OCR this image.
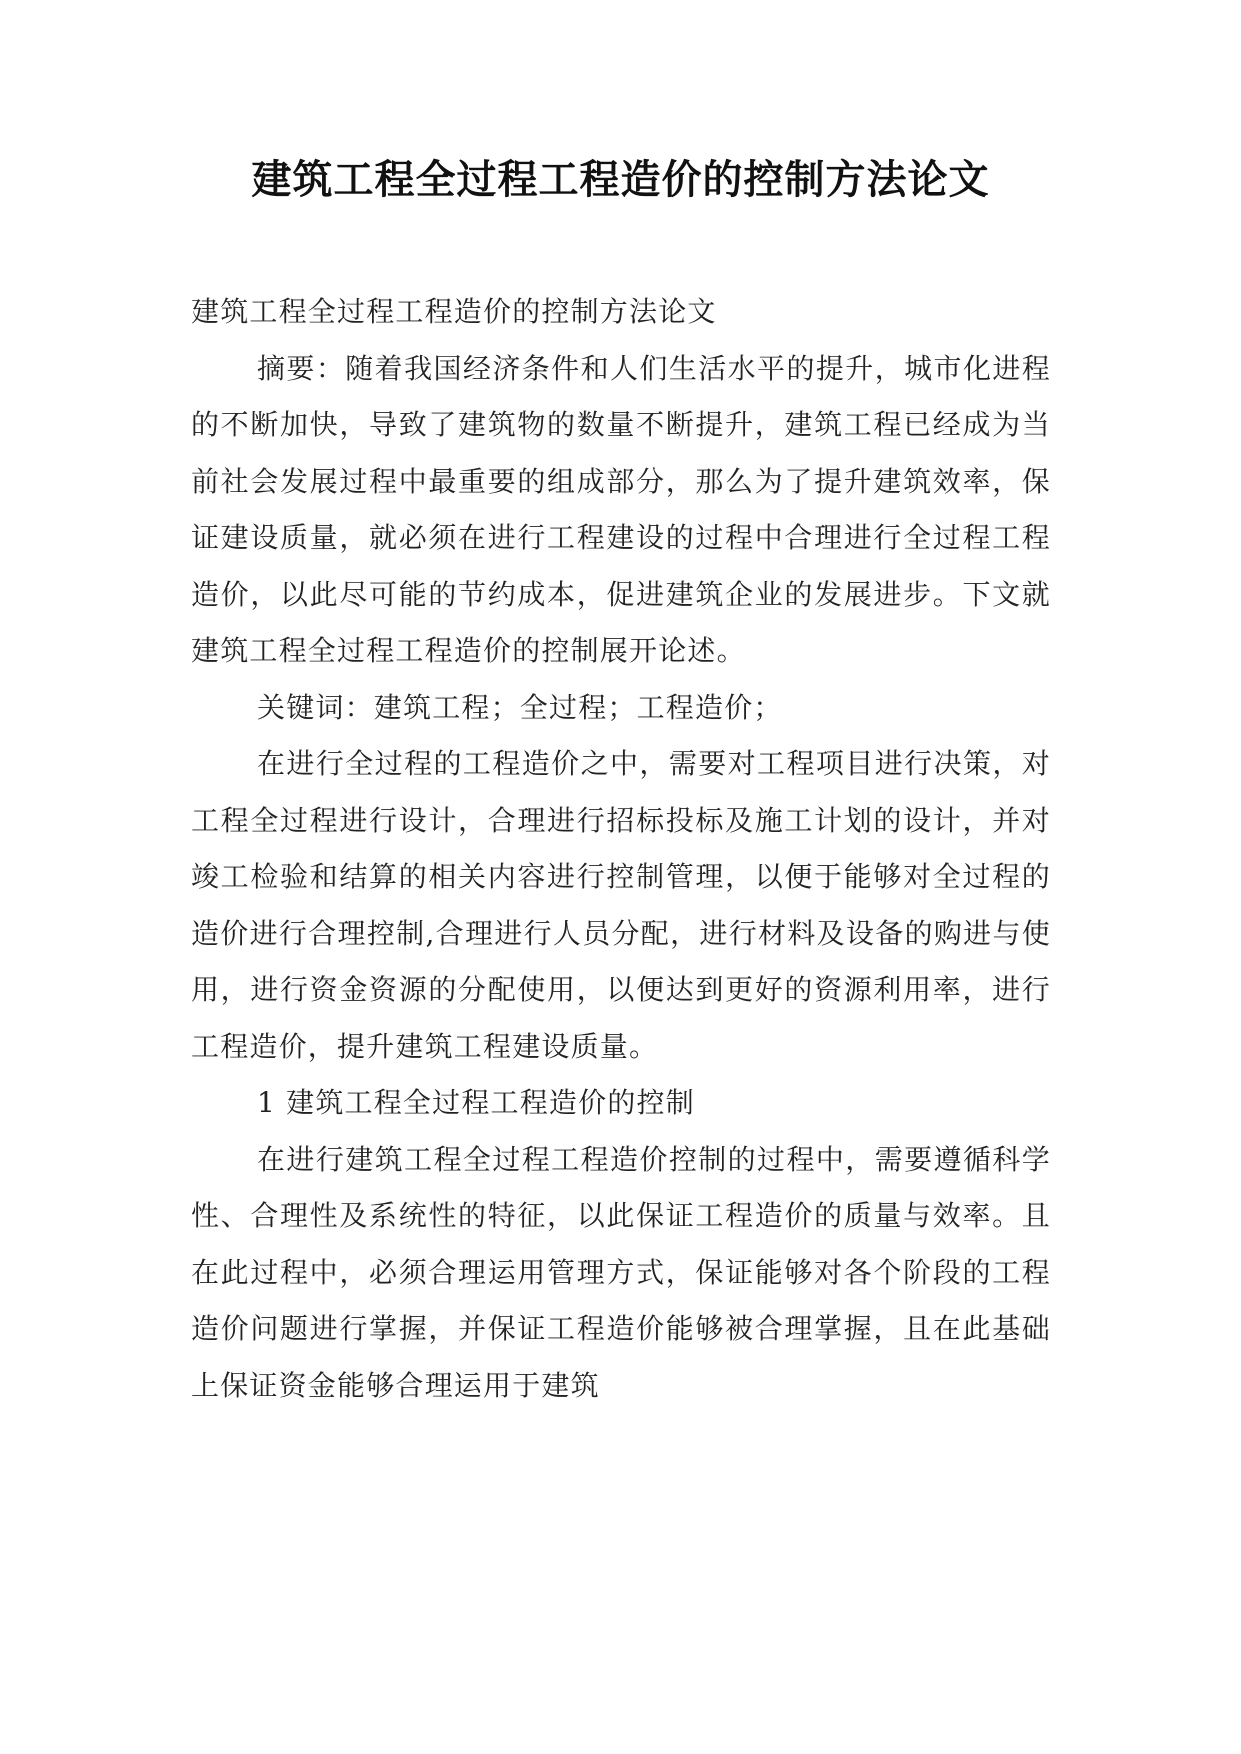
建筑工程全过程工程造价的控制方法论文

建筑工程全过程工程造价的控制方法论文

摘要：随着我国经济条件和人们生活水平的提升，城市化进程的不断加快，导致了建筑物的数量不断提升，建筑工程已经成为当前社会发展过程中最重要的组成部分，那么为了提升建筑效率，保证建设质量，就必须在进行工程建设的过程中合理进行全过程工程造价，以此尽可能的节约成本，促进建筑企业的发展进步。下文就建筑工程全过程工程造价的控制展开论述。

关键词：建筑工程；全过程；工程造价；

在进行全过程的工程造价之中，需要对工程项目进行决策，对工程全过程进行设计，合理进行招标投标及施工计划的设计，并对竣工检验和结算的相关内容进行控制管理，以便于能够对全过程的造价进行合理控制,合理进行人员分配，进行材料及设备的购进与使用，进行资金资源的分配使用，以便达到更好的资源利用率，进行工程造价，提升建筑工程建设质量。

1 建筑工程全过程工程造价的控制

在进行建筑工程全过程工程造价控制的过程中，需要遵循科学性、合理性及系统性的特征，以此保证工程造价的质量与效率。且在此过程中，必须合理运用管理方式，保证能够对各个阶段的工程造价问题进行掌握，并保证工程造价能够被合理掌握，且在此基础上保证资金能够合理运用于建筑
